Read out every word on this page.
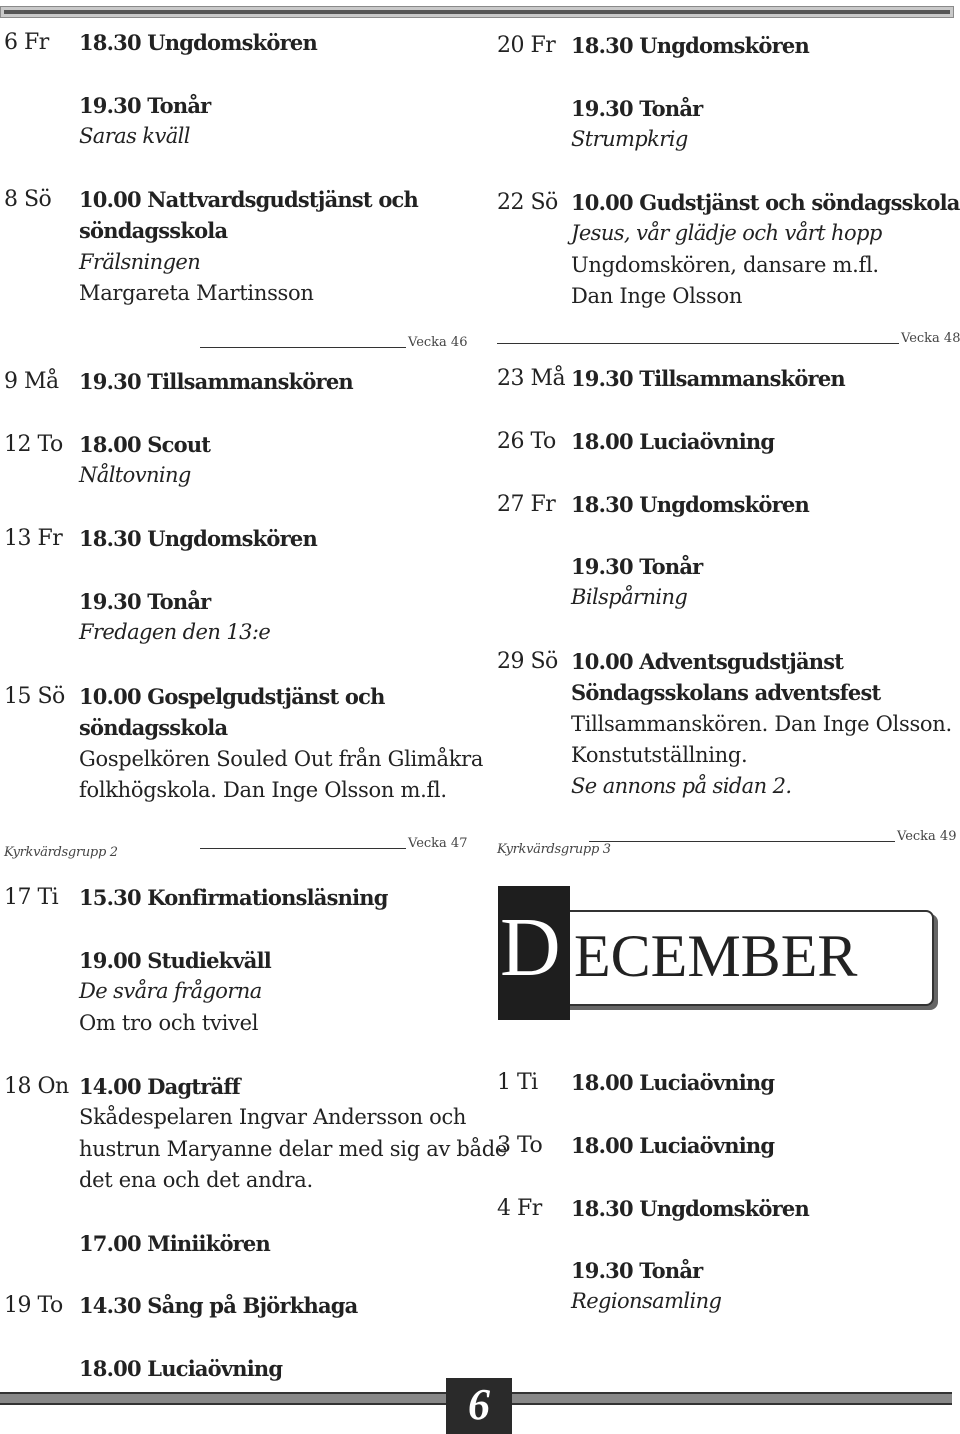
6 Fr 18.30 Ungdomskören
19.30 Tonår
Saras kväll
8 Sö 10.00 Nattvardsgudstjänst och
söndagsskola
Frälsningen
Margareta Martinsson
Vecka 46
9 Må 19.30 Tillsammanskören
12 To 18.00 Scout
Nåltovning
13 Fr 18.30 Ungdomskören
19.30 Tonår
Fredagen den 13:e
15 Sö 10.00 Gospelgudstjänst och
söndagsskola
Gospelkören Souled Out från Glimåkra
folkhögskola. Dan Inge Olsson m.fl.
Vecka 47
Kyrkvärdsgrupp 2
17 Ti 15.30 Konfirmationsläsning
19.00 Studiekväll
De svåra frågorna
Om tro och tvivel
18 On 14.00 Dagträff
Skådespelaren Ingvar Andersson och
hustrun Maryanne delar med sig av både
det ena och det andra.
17.00 Miniikören
19 To 14.30 Sång på Björkhaga
18.00 Luciaövning
20 Fr 18.30 Ungdomskören
19.30 Tonår
Strumpkrig
22 Sö 10.00 Gudstjänst och söndagsskola
Jesus, vår glädje och vårt hopp
Ungdomskören, dansare m.fl.
Dan Inge Olsson
Vecka 48
23 Må 19.30 Tillsammanskören
26 To 18.00 Luciaövning
27 Fr 18.30 Ungdomskören
19.30 Tonår
Bilspårning
29 Sö 10.00 Adventsgudstjänst
Söndagsskolans adventsfest
Tillsammanskören. Dan Inge Olsson.
Konstutställning.
Se annons på sidan 2.
Vecka 49
Kyrkvärdsgrupp 3
D ECEMBER
1 Ti 18.00 Luciaövning
3 To 18.00 Luciaövning
4 Fr 18.30 Ungdomskören
19.30 Tonår
Regionsamling
6
